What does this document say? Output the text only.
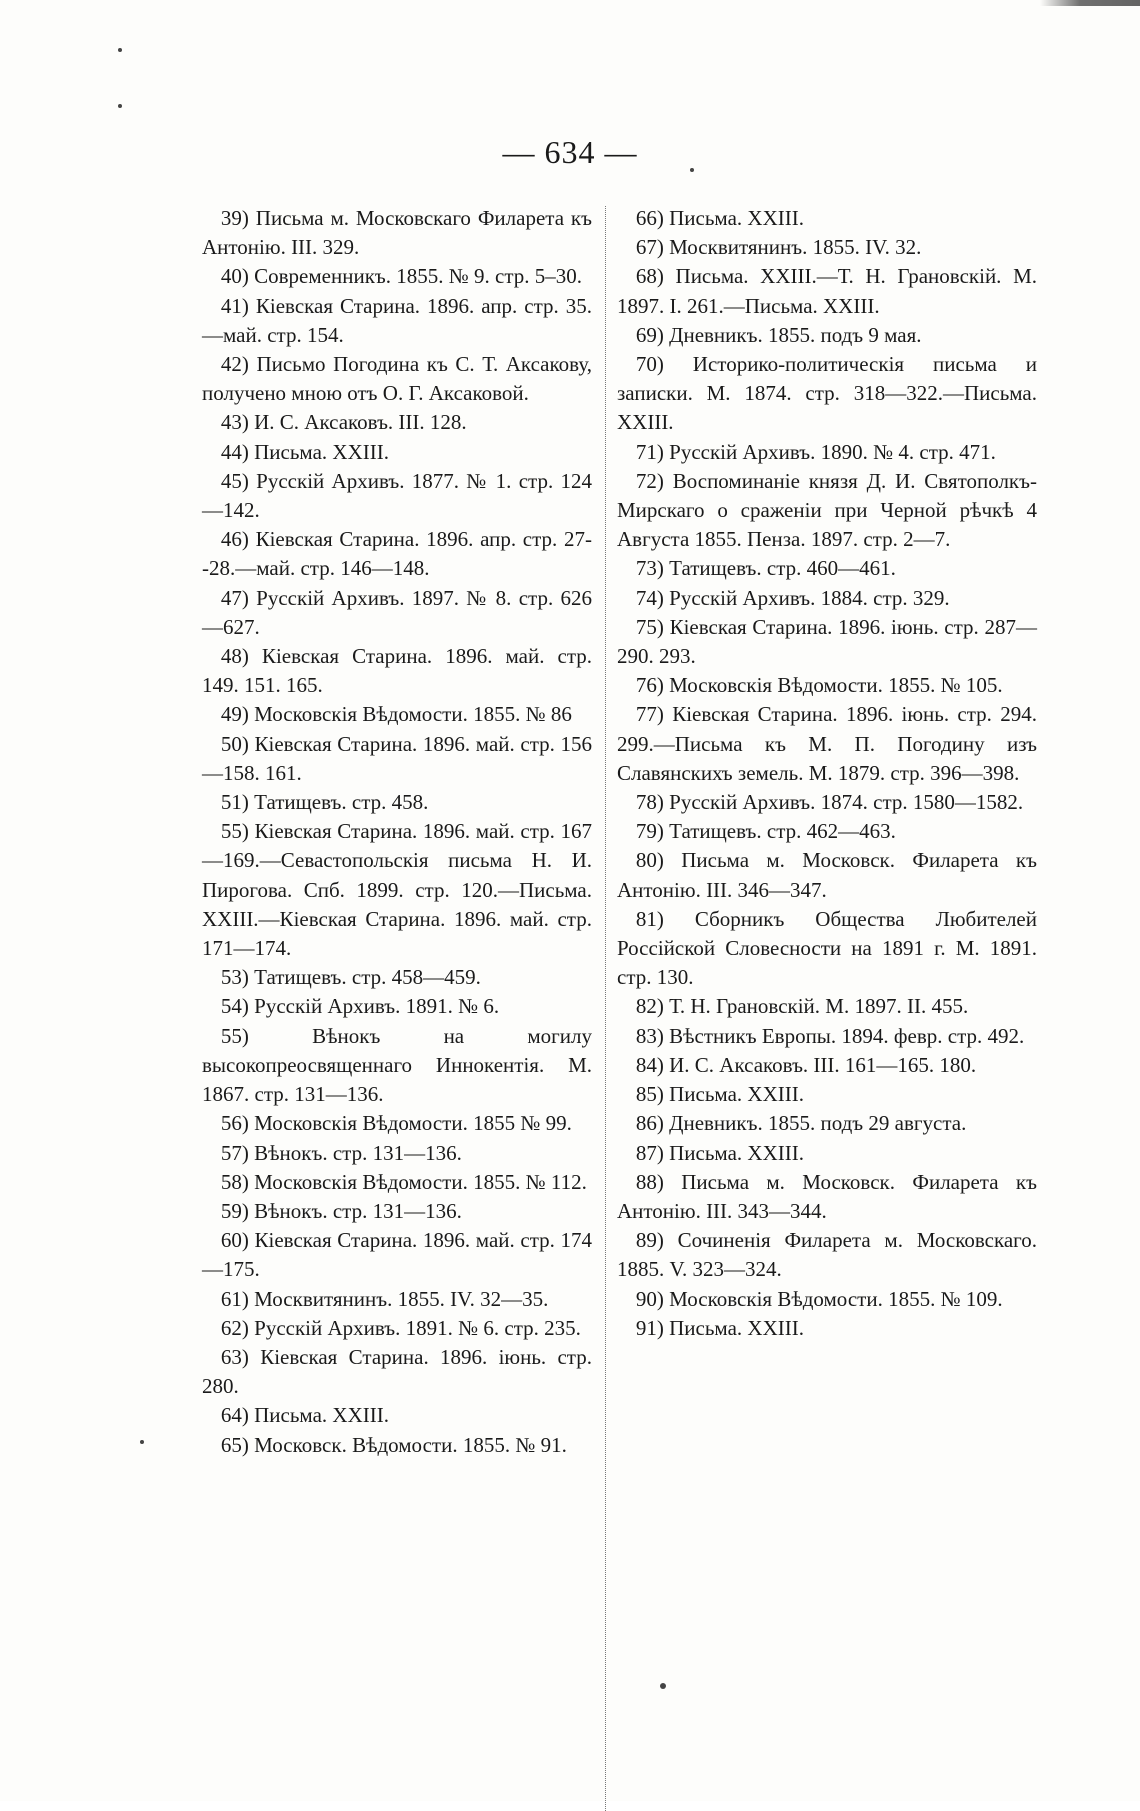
— 634 —

39) Письма м. Московскаго Филарета къ Антонію. III. 329.

40) Современникъ. 1855. № 9. стр. 5–30.

41) Кіевская Старина. 1896. апр. стр. 35.—май. стр. 154.

42) Письмо Погодина къ С. Т. Аксакову, получено мною отъ О. Г. Аксаковой.

43) И. С. Аксаковъ. III. 128.

44) Письма. XXIII.

45) Русскій Архивъ. 1877. № 1. стр. 124—142.

46) Кіевская Старина. 1896. апр. стр. 27--28.—май. стр. 146—148.

47) Русскій Архивъ. 1897. № 8. стр. 626—627.

48) Кіевская Старина. 1896. май. стр. 149. 151. 165.

49) Московскія Вѣдомости. 1855. № 86

50) Кіевская Старина. 1896. май. стр. 156—158. 161.

51) Татищевъ. стр. 458.

55) Кіевская Старина. 1896. май. стр. 167—169.—Севастопольскія письма Н. И. Пирогова. Спб. 1899. стр. 120.—Письма. XXIII.—Кіевская Старина. 1896. май. стр. 171—174.

53) Татищевъ. стр. 458—459.

54) Русскій Архивъ. 1891. № 6.

55) Вѣнокъ на могилу высокопреосвященнаго Иннокентія. М. 1867. стр. 131—136.

56) Московскія Вѣдомости. 1855 № 99.

57) Вѣнокъ. стр. 131—136.

58) Московскія Вѣдомости. 1855. № 112.

59) Вѣнокъ. стр. 131—136.

60) Кіевская Старина. 1896. май. стр. 174—175.

61) Москвитянинъ. 1855. IV. 32—35.

62) Русскій Архивъ. 1891. № 6. стр. 235.

63) Кіевская Старина. 1896. іюнь. стр. 280.

64) Письма. XXIII.

65) Московск. Вѣдомости. 1855. № 91.

66) Письма. XXIII.

67) Москвитянинъ. 1855. IV. 32.

68) Письма. XXIII.—Т. Н. Грановскій. М. 1897. I. 261.—Письма. XXIII.

69) Дневникъ. 1855. подъ 9 мая.

70) Историко-политическія письма и записки. М. 1874. стр. 318—322.—Письма. XXIII.

71) Русскій Архивъ. 1890. № 4. стр. 471.

72) Воспоминаніе князя Д. И. Святополкъ-Мирскаго о сраженіи при Черной рѣчкѣ 4 Августа 1855. Пенза. 1897. стр. 2—7.

73) Татищевъ. стр. 460—461.

74) Русскій Архивъ. 1884. стр. 329.

75) Кіевская Старина. 1896. іюнь. стр. 287—290. 293.

76) Московскія Вѣдомости. 1855. № 105.

77) Кіевская Старина. 1896. іюнь. стр. 294. 299.—Письма къ М. П. Погодину изъ Славянскихъ земель. М. 1879. стр. 396—398.

78) Русскій Архивъ. 1874. стр. 1580—1582.

79) Татищевъ. стр. 462—463.

80) Письма м. Московск. Филарета къ Антонію. III. 346—347.

81) Сборникъ Общества Любителей Россійской Словесности на 1891 г. М. 1891. стр. 130.

82) Т. Н. Грановскій. М. 1897. II. 455.

83) Вѣстникъ Европы. 1894. февр. стр. 492.

84) И. С. Аксаковъ. III. 161—165. 180.

85) Письма. XXIII.

86) Дневникъ. 1855. подъ 29 августа.

87) Письма. XXIII.

88) Письма м. Московск. Филарета къ Антонію. III. 343—344.

89) Сочиненія Филарета м. Московскаго. 1885. V. 323—324.

90) Московскія Вѣдомости. 1855. № 109.

91) Письма. XXIII.
